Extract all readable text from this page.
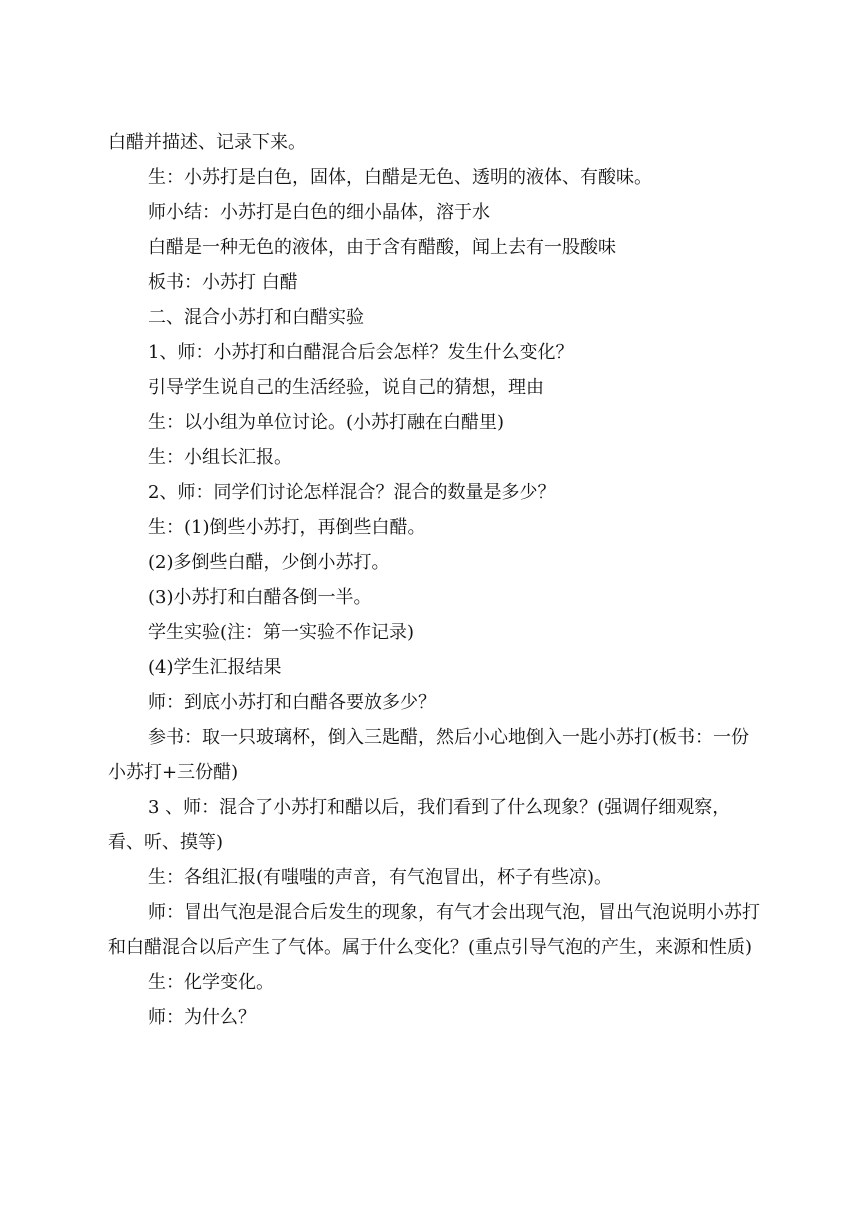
白醋并描述、记录下来。

生：小苏打是白色，固体，白醋是无色、透明的液体、有酸味。

师小结：小苏打是白色的细小晶体，溶于水

白醋是一种无色的液体，由于含有醋酸，闻上去有一股酸味

板书：小苏打 白醋

二、混合小苏打和白醋实验

1、师：小苏打和白醋混合后会怎样？发生什么变化？

引导学生说自己的生活经验，说自己的猜想，理由

生：以小组为单位讨论。(小苏打融在白醋里)

生：小组长汇报。

2、师：同学们讨论怎样混合？混合的数量是多少？

生：(1)倒些小苏打，再倒些白醋。

(2)多倒些白醋，少倒小苏打。

(3)小苏打和白醋各倒一半。

学生实验(注：第一实验不作记录)

(4)学生汇报结果

师：到底小苏打和白醋各要放多少？

参书：取一只玻璃杯，倒入三匙醋，然后小心地倒入一匙小苏打(板书：一份小苏打+三份醋)

3 、师：混合了小苏打和醋以后，我们看到了什么现象？(强调仔细观察，看、听、摸等)

生：各组汇报(有嗤嗤的声音，有气泡冒出，杯子有些凉)。

师：冒出气泡是混合后发生的现象，有气才会出现气泡，冒出气泡说明小苏打和白醋混合以后产生了气体。属于什么变化？(重点引导气泡的产生，来源和性质)

生：化学变化。

师：为什么？
